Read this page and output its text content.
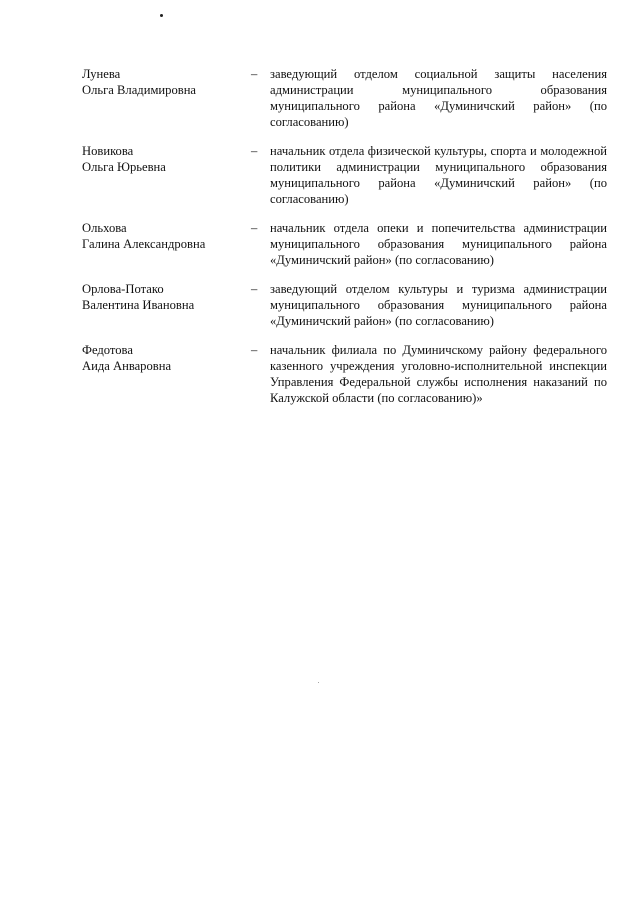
Лунева
Ольга Владимировна
– заведующий отделом социальной защиты населения администрации муниципального образования муниципального района «Думиничский район» (по согласованию)
Новикова
Ольга Юрьевна
– начальник отдела физической культуры, спорта и молодежной политики администрации муниципального образования муниципального района «Думиничский район» (по согласованию)
Ольхова
Галина Александровна
– начальник отдела опеки и попечительства администрации муниципального образования муниципального района «Думиничский район» (по согласованию)
Орлова-Потако
Валентина Ивановна
– заведующий отделом культуры и туризма администрации муниципального образования муниципального района «Думиничский район» (по согласованию)
Федотова
Аида Анваровна
– начальник филиала по Думиничскому району федерального казенного учреждения уголовно-исполнительной инспекции Управления Федеральной службы исполнения наказаний по Калужской области (по согласованию)»
